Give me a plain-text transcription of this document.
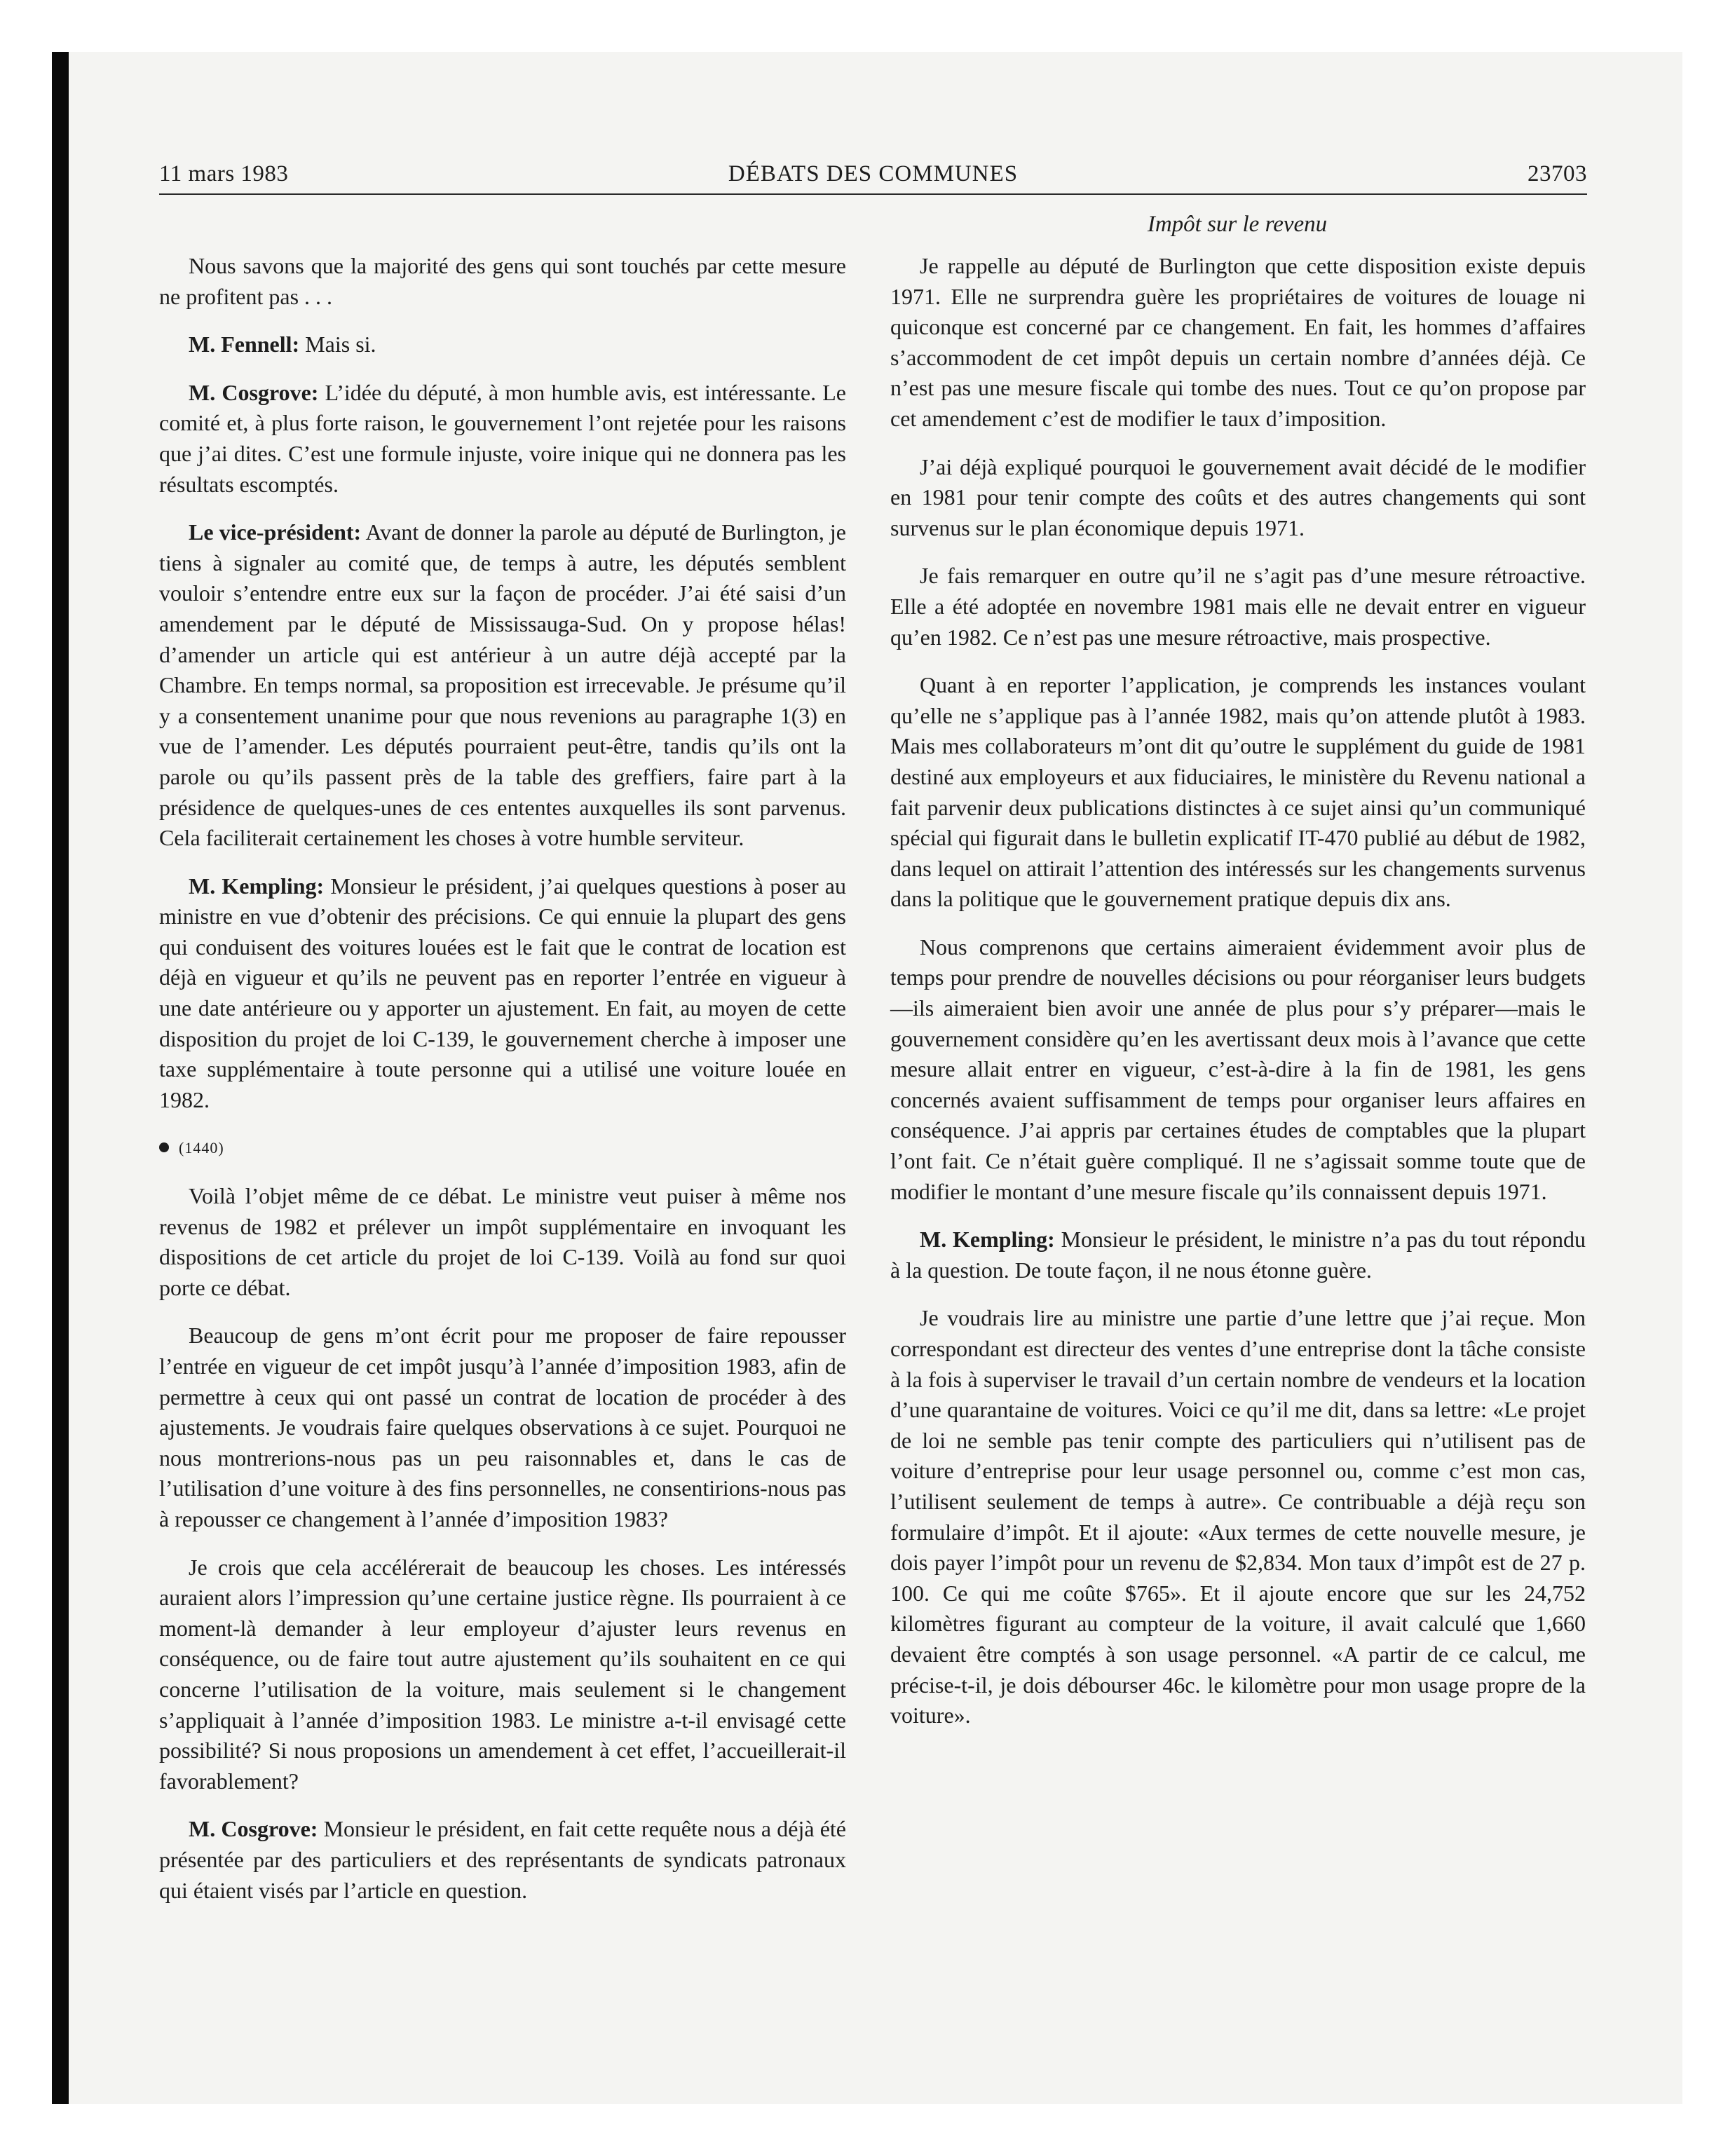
11 mars 1983	DÉBATS DES COMMUNES	23703
Impôt sur le revenu

Nous savons que la majorité des gens qui sont touchés par cette mesure ne profitent pas . . .

M. Fennell: Mais si.

M. Cosgrove: L’idée du député, à mon humble avis, est intéressante. Le comité et, à plus forte raison, le gouvernement l’ont rejetée pour les raisons que j’ai dites. C’est une formule injuste, voire inique qui ne donnera pas les résultats escomptés.

Le vice-président: Avant de donner la parole au député de Burlington, je tiens à signaler au comité que, de temps à autre, les députés semblent vouloir s’entendre entre eux sur la façon de procéder. J’ai été saisi d’un amendement par le député de Mississauga-Sud. On y propose hélas! d’amender un article qui est antérieur à un autre déjà accepté par la Chambre. En temps normal, sa proposition est irrecevable. Je présume qu’il y a consentement unanime pour que nous revenions au paragraphe 1(3) en vue de l’amender. Les députés pourraient peut-être, tandis qu’ils ont la parole ou qu’ils passent près de la table des greffiers, faire part à la présidence de quelques-unes de ces ententes auxquelles ils sont parvenus. Cela faciliterait certainement les choses à votre humble serviteur.

M. Kempling: Monsieur le président, j’ai quelques questions à poser au ministre en vue d’obtenir des précisions. Ce qui ennuie la plupart des gens qui conduisent des voitures louées est le fait que le contrat de location est déjà en vigueur et qu’ils ne peuvent pas en reporter l’entrée en vigueur à une date antérieure ou y apporter un ajustement. En fait, au moyen de cette disposition du projet de loi C-139, le gouvernement cherche à imposer une taxe supplémentaire à toute personne qui a utilisé une voiture louée en 1982.

(1440)

Voilà l’objet même de ce débat. Le ministre veut puiser à même nos revenus de 1982 et prélever un impôt supplémentaire en invoquant les dispositions de cet article du projet de loi C-139. Voilà au fond sur quoi porte ce débat.

Beaucoup de gens m’ont écrit pour me proposer de faire repousser l’entrée en vigueur de cet impôt jusqu’à l’année d’imposition 1983, afin de permettre à ceux qui ont passé un contrat de location de procéder à des ajustements. Je voudrais faire quelques observations à ce sujet. Pourquoi ne nous montrerions-nous pas un peu raisonnables et, dans le cas de l’utilisation d’une voiture à des fins personnelles, ne consentirions-nous pas à repousser ce changement à l’année d’imposition 1983?

Je crois que cela accélérerait de beaucoup les choses. Les intéressés auraient alors l’impression qu’une certaine justice règne. Ils pourraient à ce moment-là demander à leur employeur d’ajuster leurs revenus en conséquence, ou de faire tout autre ajustement qu’ils souhaitent en ce qui concerne l’utilisation de la voiture, mais seulement si le changement s’appliquait à l’année d’imposition 1983. Le ministre a-t-il envisagé cette possibilité? Si nous proposions un amendement à cet effet, l’accueillerait-il favorablement?

M. Cosgrove: Monsieur le président, en fait cette requête nous a déjà été présentée par des particuliers et des représentants de syndicats patronaux qui étaient visés par l’article en question.

Je rappelle au député de Burlington que cette disposition existe depuis 1971. Elle ne surprendra guère les propriétaires de voitures de louage ni quiconque est concerné par ce changement. En fait, les hommes d’affaires s’accommodent de cet impôt depuis un certain nombre d’années déjà. Ce n’est pas une mesure fiscale qui tombe des nues. Tout ce qu’on propose par cet amendement c’est de modifier le taux d’imposition.

J’ai déjà expliqué pourquoi le gouvernement avait décidé de le modifier en 1981 pour tenir compte des coûts et des autres changements qui sont survenus sur le plan économique depuis 1971.

Je fais remarquer en outre qu’il ne s’agit pas d’une mesure rétroactive. Elle a été adoptée en novembre 1981 mais elle ne devait entrer en vigueur qu’en 1982. Ce n’est pas une mesure rétroactive, mais prospective.

Quant à en reporter l’application, je comprends les instances voulant qu’elle ne s’applique pas à l’année 1982, mais qu’on attende plutôt à 1983. Mais mes collaborateurs m’ont dit qu’outre le supplément du guide de 1981 destiné aux employeurs et aux fiduciaires, le ministère du Revenu national a fait parvenir deux publications distinctes à ce sujet ainsi qu’un communiqué spécial qui figurait dans le bulletin explicatif IT-470 publié au début de 1982, dans lequel on attirait l’attention des intéressés sur les changements survenus dans la politique que le gouvernement pratique depuis dix ans.

Nous comprenons que certains aimeraient évidemment avoir plus de temps pour prendre de nouvelles décisions ou pour réorganiser leurs budgets—ils aimeraient bien avoir une année de plus pour s’y préparer—mais le gouvernement considère qu’en les avertissant deux mois à l’avance que cette mesure allait entrer en vigueur, c’est-à-dire à la fin de 1981, les gens concernés avaient suffisamment de temps pour organiser leurs affaires en conséquence. J’ai appris par certaines études de comptables que la plupart l’ont fait. Ce n’était guère compliqué. Il ne s’agissait somme toute que de modifier le montant d’une mesure fiscale qu’ils connaissent depuis 1971.

M. Kempling: Monsieur le président, le ministre n’a pas du tout répondu à la question. De toute façon, il ne nous étonne guère.

Je voudrais lire au ministre une partie d’une lettre que j’ai reçue. Mon correspondant est directeur des ventes d’une entreprise dont la tâche consiste à la fois à superviser le travail d’un certain nombre de vendeurs et la location d’une quarantaine de voitures. Voici ce qu’il me dit, dans sa lettre: «Le projet de loi ne semble pas tenir compte des particuliers qui n’utilisent pas de voiture d’entreprise pour leur usage personnel ou, comme c’est mon cas, l’utilisent seulement de temps à autre». Ce contribuable a déjà reçu son formulaire d’impôt. Et il ajoute: «Aux termes de cette nouvelle mesure, je dois payer l’impôt pour un revenu de $2,834. Mon taux d’impôt est de 27 p. 100. Ce qui me coûte $765». Et il ajoute encore que sur les 24,752 kilomètres figurant au compteur de la voiture, il avait calculé que 1,660 devaient être comptés à son usage personnel. «A partir de ce calcul, me précise-t-il, je dois débourser 46c. le kilomètre pour mon usage propre de la voiture».
